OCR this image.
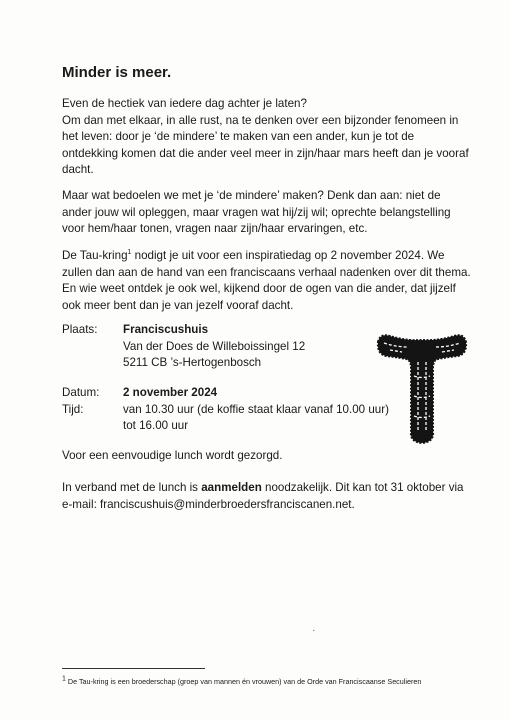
Minder is meer.

Even de hectiek van iedere dag achter je laten?
Om dan met elkaar, in alle rust, na te denken over een bijzonder fenomeen in
het leven: door je ‘de mindere’ te maken van een ander, kun je tot de
ontdekking komen dat die ander veel meer in zijn/haar mars heeft dan je vooraf
dacht.

Maar wat bedoelen we met je ‘de mindere’ maken? Denk dan aan: niet de
ander jouw wil opleggen, maar vragen wat hij/zij wil; oprechte belangstelling
voor hem/haar tonen, vragen naar zijn/haar ervaringen, etc.

De Tau-kring$^1$ nodigt je uit voor een inspiratiedag op 2 november 2024. We
zullen dan aan de hand van een franciscaans verhaal nadenken over dit thema.
En wie weet ontdek je ook wel, kijkend door de ogen van die ander, dat jijzelf
ook meer bent dan je van jezelf vooraf dacht.

Plaats: Franciscushuis
Van der Does de Willeboissingel 12
5211 CB ’s-Hertogenbosch
Datum: 2 november 2024
Tijd:	van 10.30 uur (de koffie staat klaar vanaf 10.00 uur)
tot 16.00 uur

Voor een eenvoudige lunch wordt gezorgd.

In verband met de lunch is aanmelden noodzakelijk. Dit kan tot 31 oktober via
e-mail: franciscushuis@minderbroedersfranciscanen.net.

·

$^1$ De Tau-kring is een broederschap (groep van mannen én vrouwen) van de Orde van Franciscaanse Seculieren
